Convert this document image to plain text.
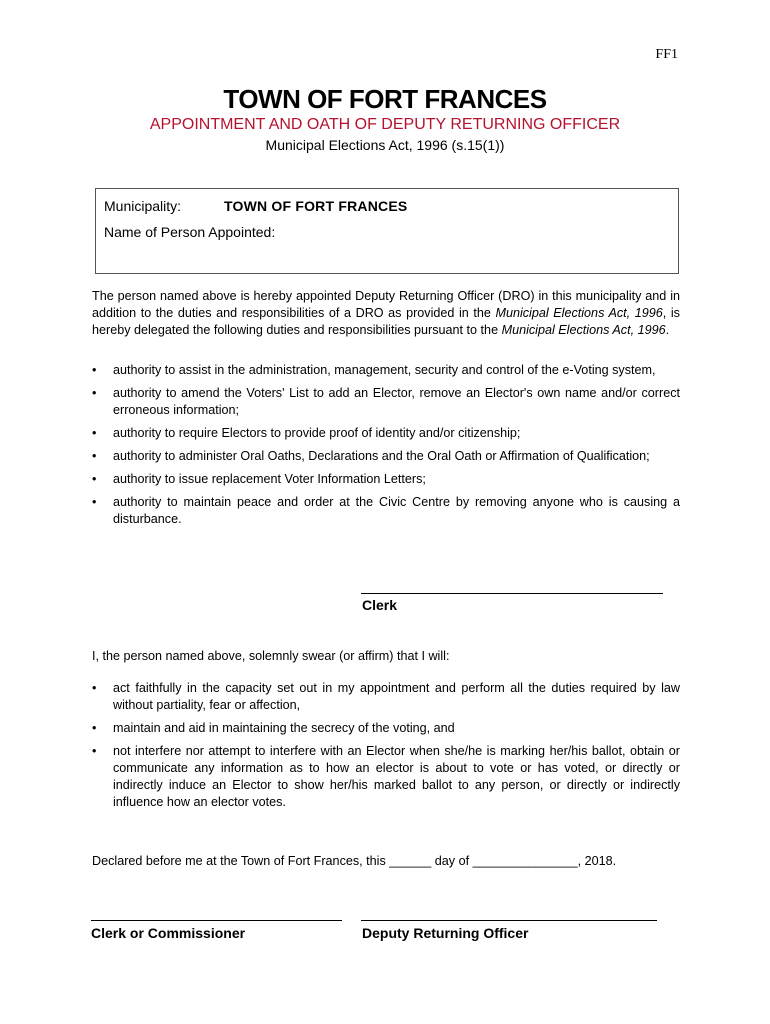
FF1
TOWN OF FORT FRANCES
APPOINTMENT AND OATH OF DEPUTY RETURNING OFFICER
Municipal Elections Act, 1996 (s.15(1))
Municipality:	TOWN OF FORT FRANCES
Name of Person Appointed:
The person named above is hereby appointed Deputy Returning Officer (DRO) in this municipality and in addition to the duties and responsibilities of a DRO as provided in the Municipal Elections Act, 1996, is hereby delegated the following duties and responsibilities pursuant to the Municipal Elections Act, 1996.
• authority to assist in the administration, management, security and control of the e-Voting system,
• authority to amend the Voters' List to add an Elector, remove an Elector's own name and/or correct erroneous information;
• authority to require Electors to provide proof of identity and/or citizenship;
• authority to administer Oral Oaths, Declarations and the Oral Oath or Affirmation of Qualification;
• authority to issue replacement Voter Information Letters;
• authority to maintain peace and order at the Civic Centre by removing anyone who is causing a disturbance.
Clerk
I, the person named above, solemnly swear (or affirm) that I will:
• act faithfully in the capacity set out in my appointment and perform all the duties required by law without partiality, fear or affection,
• maintain and aid in maintaining the secrecy of the voting, and
• not interfere nor attempt to interfere with an Elector when she/he is marking her/his ballot, obtain or communicate any information as to how an elector is about to vote or has voted, or directly or indirectly induce an Elector to show her/his marked ballot to any person, or directly or indirectly influence how an elector votes.
Declared before me at the Town of Fort Frances, this ______ day of _______________, 2018.
Clerk or Commissioner	Deputy Returning Officer
